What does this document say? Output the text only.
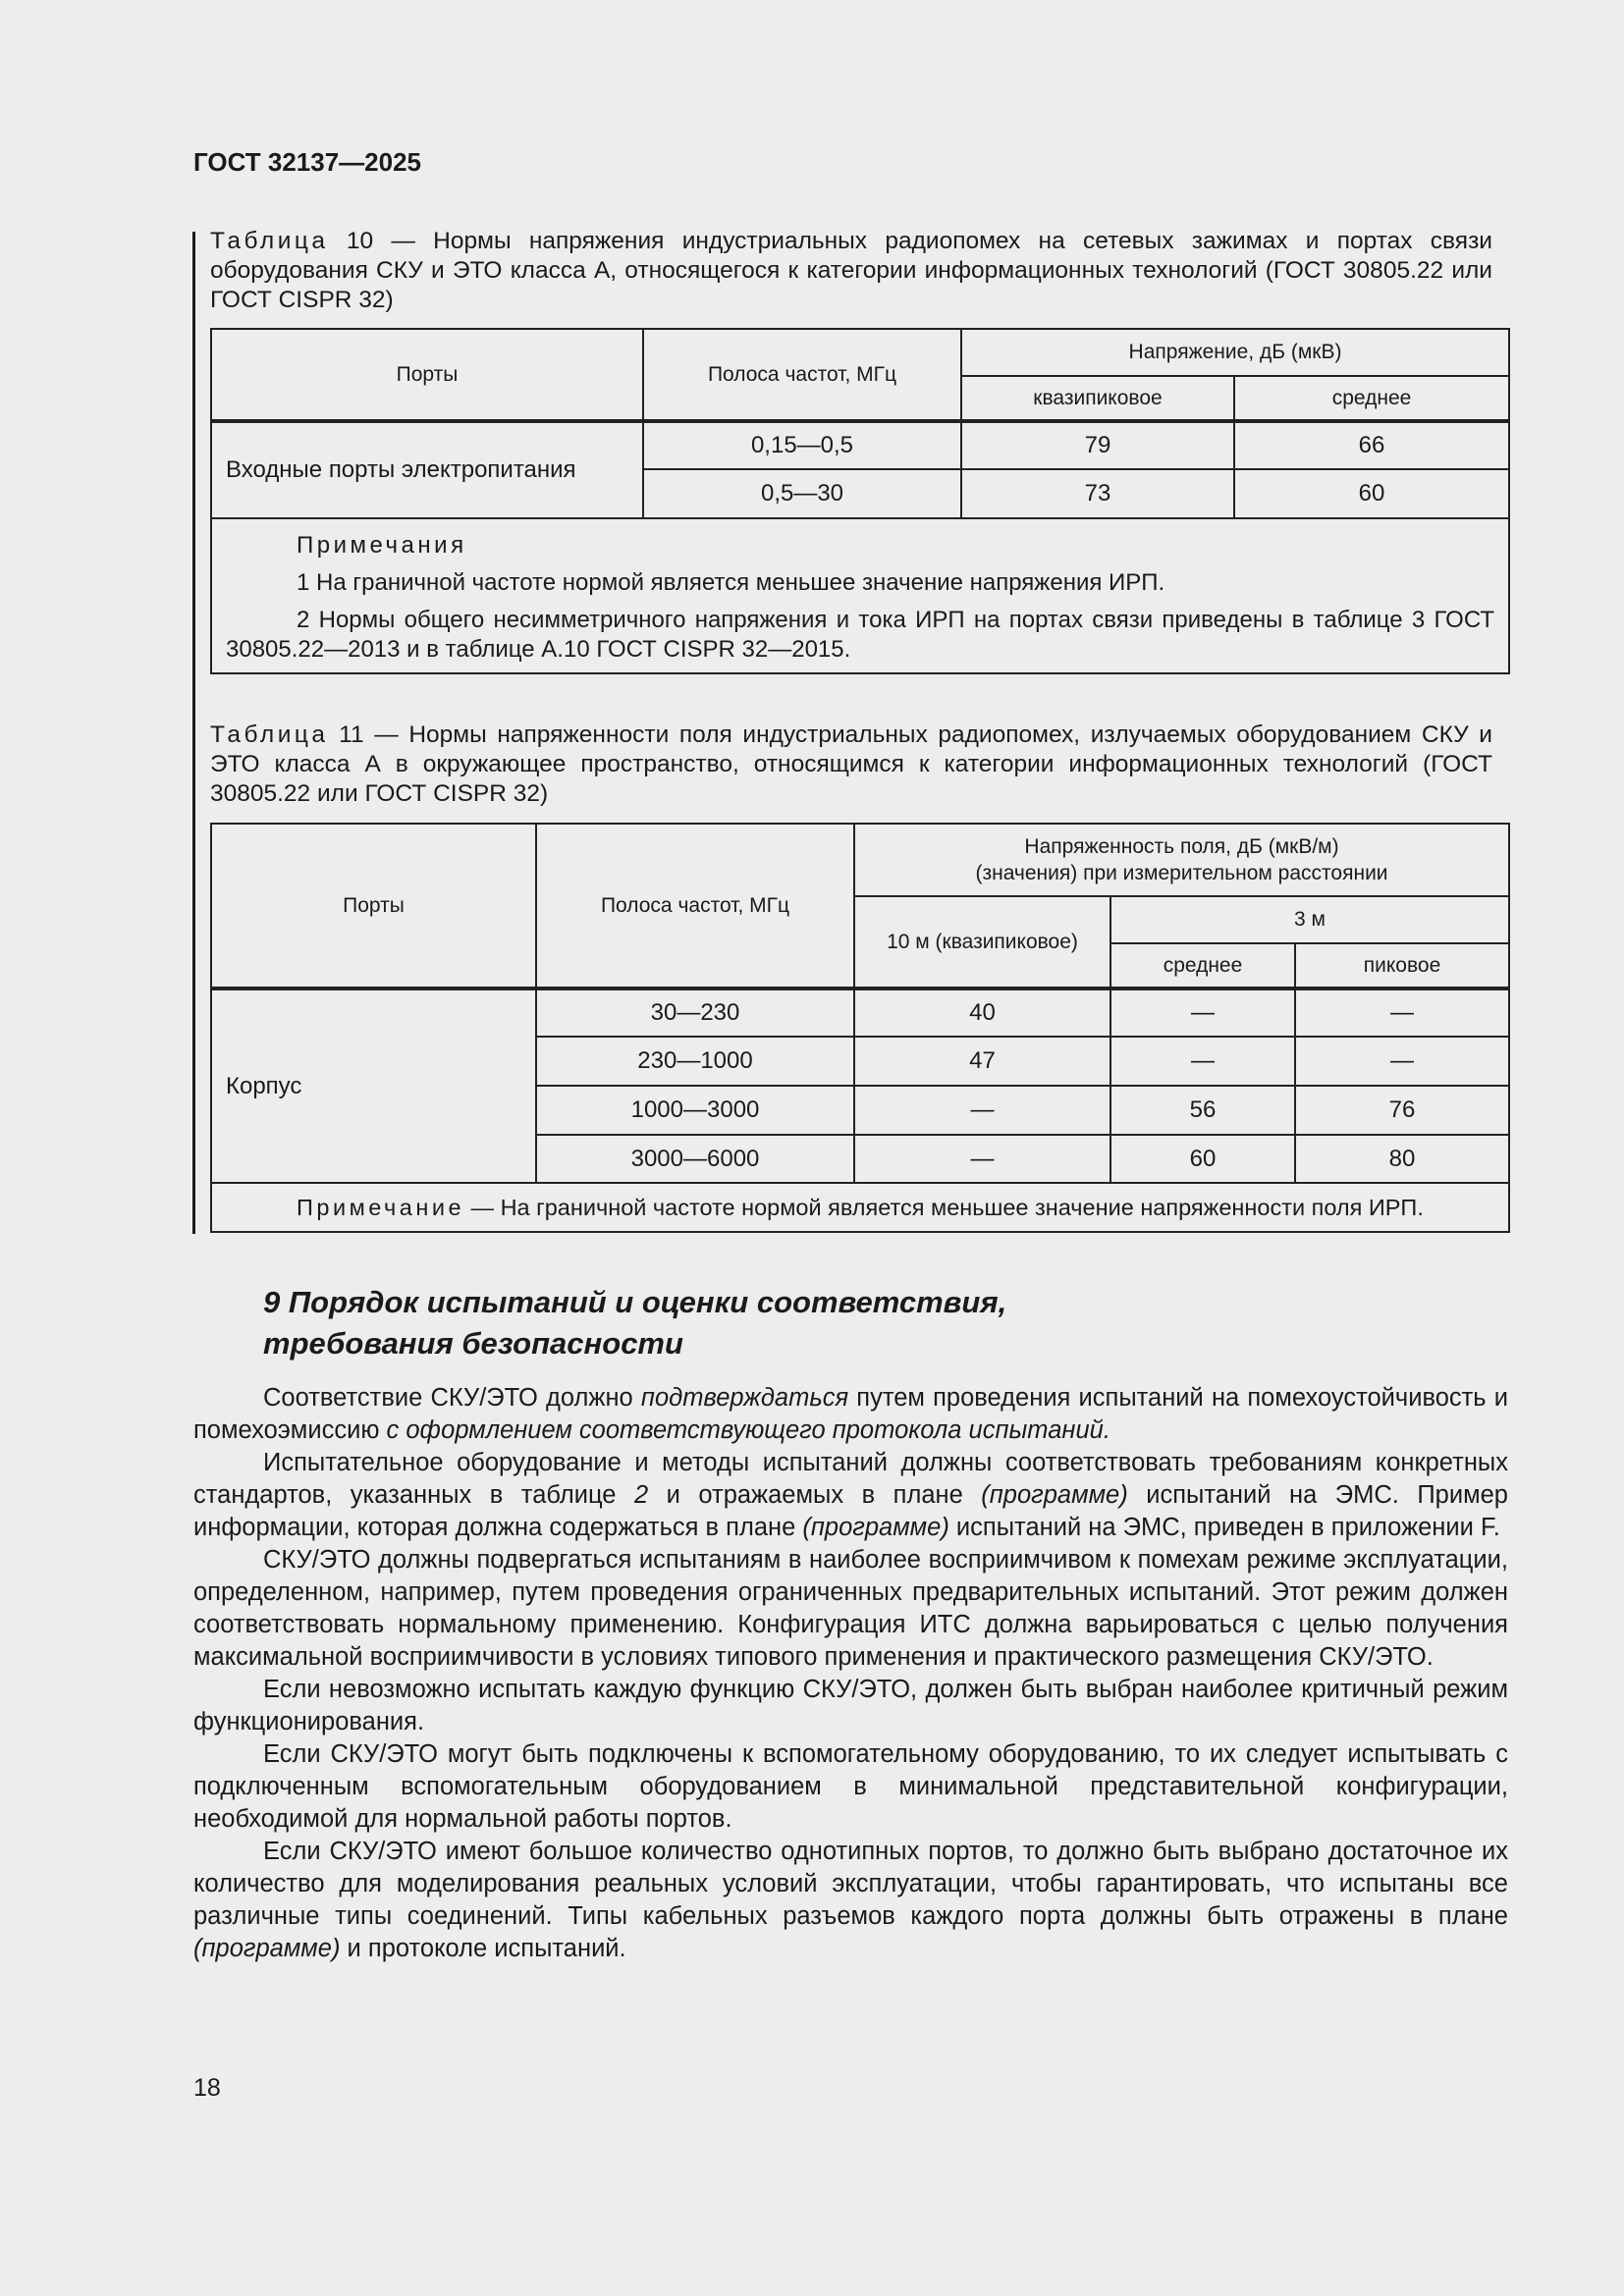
ГОСТ 32137—2025
Таблица 10 — Нормы напряжения индустриальных радиопомех на сетевых зажимах и портах связи оборудования СКУ и ЭТО класса А, относящегося к категории информационных технологий (ГОСТ 30805.22 или ГОСТ CISPR 32)
Порты	Полоса частот, МГц	Напряжение, дБ (мкВ)	
		квазипиковое	среднее
Входные порты электропитания	0,15—0,5	79	66
	0,5—30	73	60

Примечания
1 На граничной частоте нормой является меньшее значение напряжения ИРП.
2 Нормы общего несимметричного напряжения и тока ИРП на портах связи приведены в таблице 3 ГОСТ 30805.22—2013 и в таблице А.10 ГОСТ CISPR 32—2015.			
Таблица 11 — Нормы напряженности поля индустриальных радиопомех, излучаемых оборудованием СКУ и ЭТО класса А в окружающее пространство, относящимся к категории информационных технологий (ГОСТ 30805.22 или ГОСТ CISPR 32)
Порты	Полоса частот, МГц	Напряженность поля, дБ (мкВ/м)
(значения) при измерительном расстоянии		
		10 м (квазипиковое)	3 м	
			среднее	пиковое
Корпус	30—230	40	—	—
	230—1000	47	—	—
	1000—3000	—	56	76
	3000—6000	—	60	80
Примечание — На граничной частоте нормой является меньшее значение напряженности поля ИРП.				
9 Порядок испытаний и оценки соответствия,
требования безопасности

Соответствие СКУ/ЭТО должно подтверждаться путем проведения испытаний на помехоустойчивость и помехоэмиссию с оформлением соответствующего протокола испытаний.

Испытательное оборудование и методы испытаний должны соответствовать требованиям конкретных стандартов, указанных в таблице 2 и отражаемых в плане (программе) испытаний на ЭМС. Пример информации, которая должна содержаться в плане (программе) испытаний на ЭМС, приведен в приложении F.

СКУ/ЭТО должны подвергаться испытаниям в наиболее восприимчивом к помехам режиме эксплуатации, определенном, например, путем проведения ограниченных предварительных испытаний. Этот режим должен соответствовать нормальному применению. Конфигурация ИТС должна варьироваться с целью получения максимальной восприимчивости в условиях типового применения и практического размещения СКУ/ЭТО.

Если невозможно испытать каждую функцию СКУ/ЭТО, должен быть выбран наиболее критичный режим функционирования.

Если СКУ/ЭТО могут быть подключены к вспомогательному оборудованию, то их следует испытывать с подключенным вспомогательным оборудованием в минимальной представительной конфигурации, необходимой для нормальной работы портов.

Если СКУ/ЭТО имеют большое количество однотипных портов, то должно быть выбрано достаточное их количество для моделирования реальных условий эксплуатации, чтобы гарантировать, что испытаны все различные типы соединений. Типы кабельных разъемов каждого порта должны быть отражены в плане (программе) и протоколе испытаний.

18
